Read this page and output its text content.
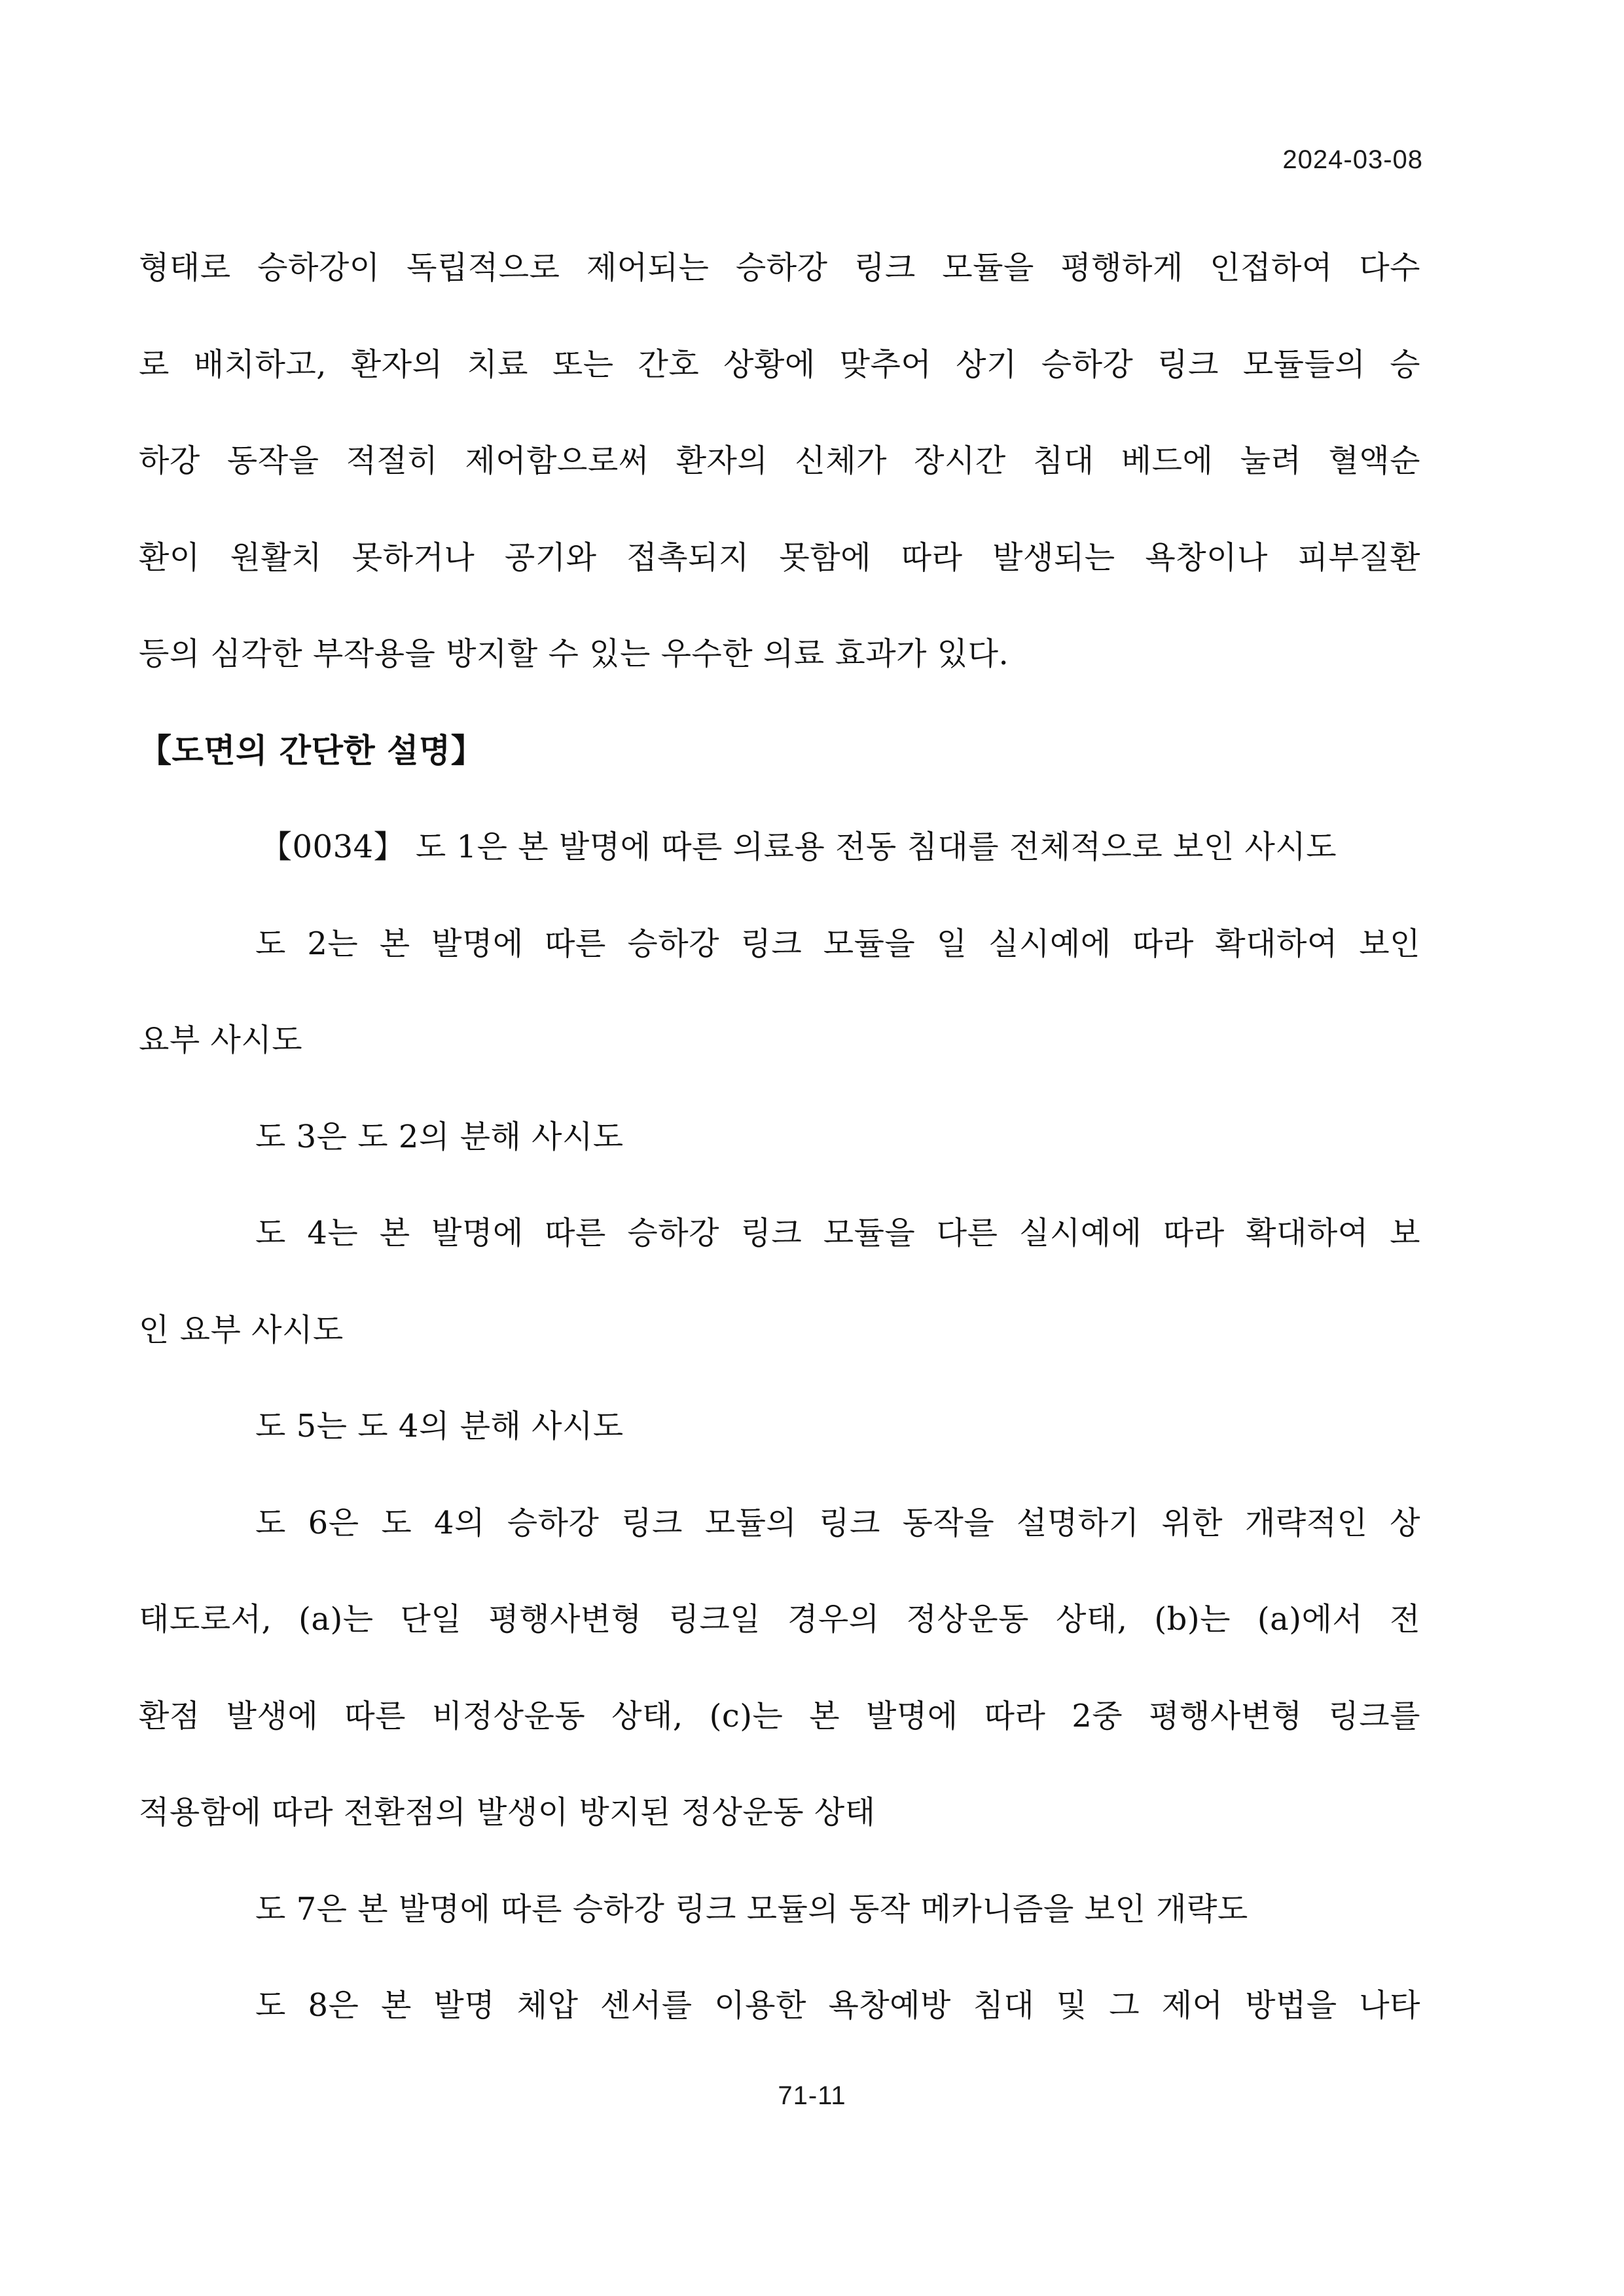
2024-03-08
형태로 승하강이 독립적으로 제어되는 승하강 링크 모듈을 평행하게 인접하여 다수
로 배치하고, 환자의 치료 또는 간호 상황에 맞추어 상기 승하강 링크 모듈들의 승
하강 동작을 적절히 제어함으로써 환자의 신체가 장시간 침대 베드에 눌려 혈액순
환이 원활치 못하거나 공기와 접촉되지 못함에 따라 발생되는 욕창이나 피부질환
등의 심각한 부작용을 방지할 수 있는 우수한 의료 효과가 있다.
【도면의 간단한 설명】
【0034】 도 1은 본 발명에 따른 의료용 전동 침대를 전체적으로 보인 사시도
도 2는 본 발명에 따른 승하강 링크 모듈을 일 실시예에 따라 확대하여 보인
요부 사시도
도 3은 도 2의 분해 사시도
도 4는 본 발명에 따른 승하강 링크 모듈을 다른 실시예에 따라 확대하여 보
인 요부 사시도
도 5는 도 4의 분해 사시도
도 6은 도 4의 승하강 링크 모듈의 링크 동작을 설명하기 위한 개략적인 상
태도로서, (a)는 단일 평행사변형 링크일 경우의 정상운동 상태, (b)는 (a)에서 전
환점 발생에 따른 비정상운동 상태, (c)는 본 발명에 따라 2중 평행사변형 링크를
적용함에 따라 전환점의 발생이 방지된 정상운동 상태
도 7은 본 발명에 따른 승하강 링크 모듈의 동작 메카니즘을 보인 개략도
도 8은 본 발명 체압 센서를 이용한 욕창예방 침대 및 그 제어 방법을 나타
71-11
